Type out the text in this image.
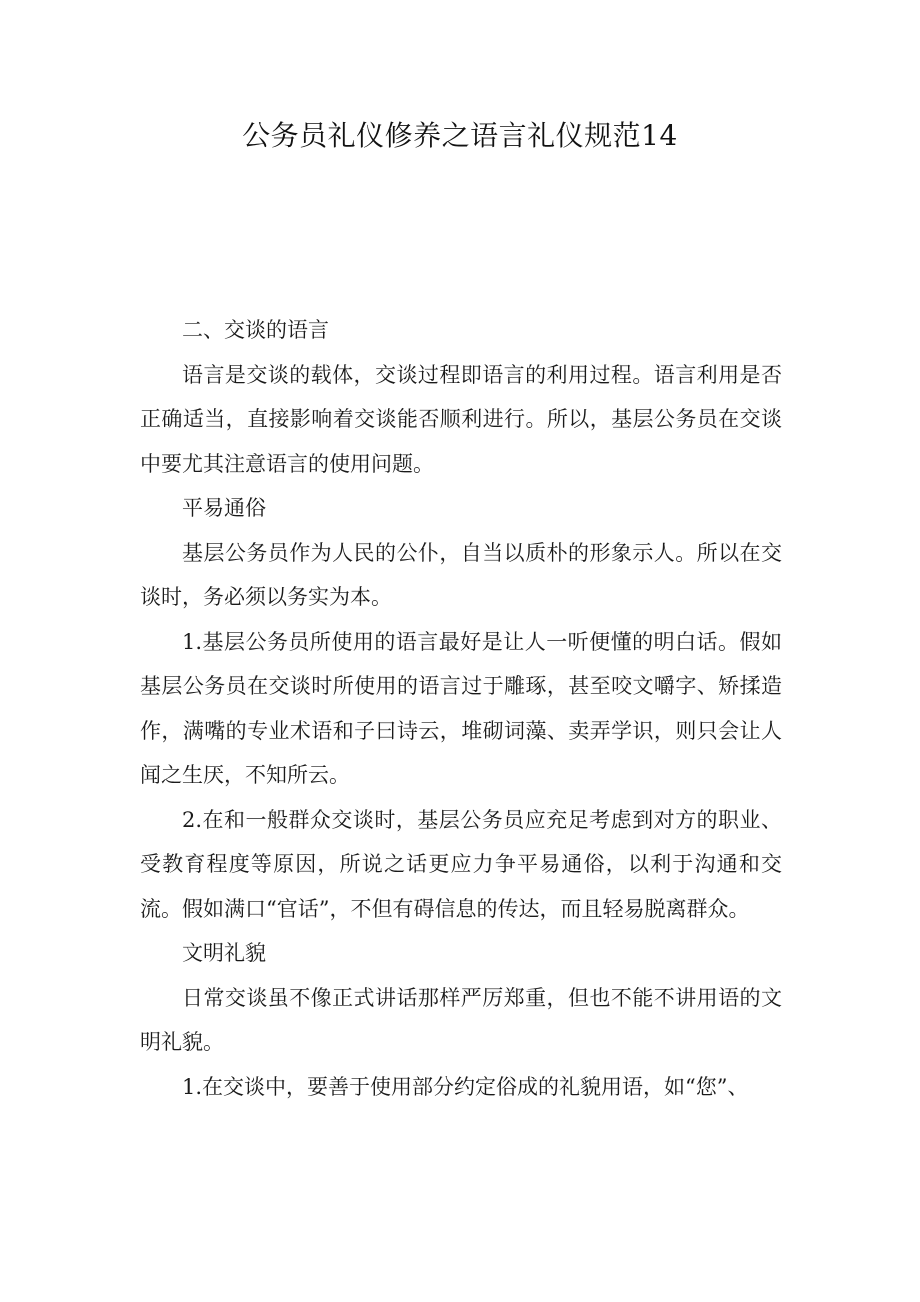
公务员礼仪修养之语言礼仪规范14

二、交谈的语言

语言是交谈的载体，交谈过程即语言的利用过程。语言利用是否正确适当，直接影响着交谈能否顺利进行。所以，基层公务员在交谈中要尤其注意语言的使用问题。

平易通俗

基层公务员作为人民的公仆，自当以质朴的形象示人。所以在交谈时，务必须以务实为本。

1.基层公务员所使用的语言最好是让人一听便懂的明白话。假如基层公务员在交谈时所使用的语言过于雕琢，甚至咬文嚼字、矫揉造作，满嘴的专业术语和子曰诗云，堆砌词藻、卖弄学识，则只会让人闻之生厌，不知所云。

2.在和一般群众交谈时，基层公务员应充足考虑到对方的职业、受教育程度等原因，所说之话更应力争平易通俗，以利于沟通和交流。假如满口“官话”，不但有碍信息的传达，而且轻易脱离群众。

文明礼貌

日常交谈虽不像正式讲话那样严厉郑重，但也不能不讲用语的文明礼貌。

1.在交谈中，要善于使用部分约定俗成的礼貌用语，如“您”、
